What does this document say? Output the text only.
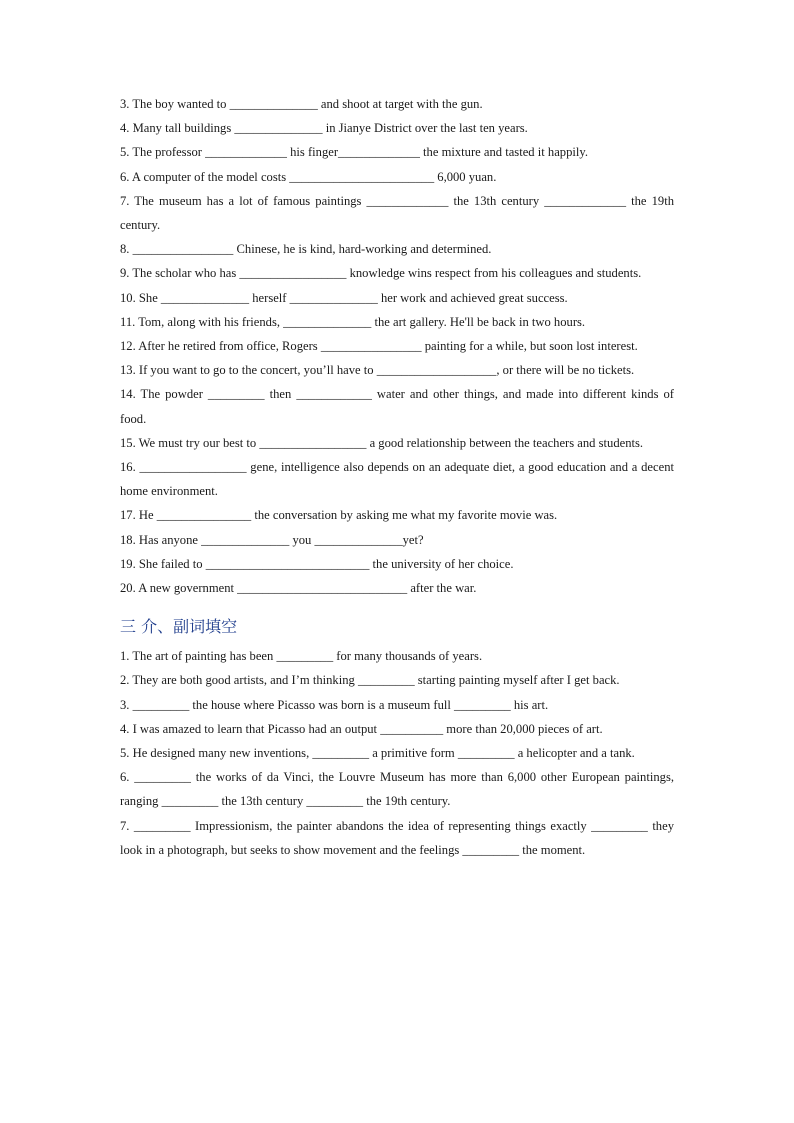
3. The boy wanted to ______________ and shoot at target with the gun.

4. Many tall buildings ______________ in Jianye District over the last ten years.

5. The professor _____________ his finger_____________ the mixture and tasted it happily.

6. A computer of the model costs _______________________ 6,000 yuan.

7. The museum has a lot of famous paintings _____________ the 13th century _____________ the 19th century.

8. ________________ Chinese, he is kind, hard-working and determined.

9. The scholar who has _________________ knowledge wins respect from his colleagues and students.

10. She ______________ herself ______________ her work and achieved great success.

11. Tom, along with his friends, ______________ the art gallery. He'll be back in two hours.

12. After he retired from office, Rogers ________________ painting for a while, but soon lost interest.

13. If you want to go to the concert, you’ll have to ___________________, or there will be no tickets.

14. The powder _________ then ____________ water and other things, and made into different kinds of food.

15. We must try our best to _________________ a good relationship between the teachers and students.

16. _________________ gene, intelligence also depends on an adequate diet, a good education and a decent home environment.

17. He _______________ the conversation by asking me what my favorite movie was.

18. Has anyone ______________ you ______________yet?

19. She failed to __________________________ the university of her choice.

20. A new government ___________________________ after the war.

三 介、副词填空

1. The art of painting has been _________ for many thousands of years.

2. They are both good artists, and I’m thinking _________ starting painting myself after I get back.

3. _________ the house where Picasso was born is a museum full _________ his art.

4. I was amazed to learn that Picasso had an output __________ more than 20,000 pieces of art.

5. He designed many new inventions, _________ a primitive form _________ a helicopter and a tank.

6. _________ the works of da Vinci, the Louvre Museum has more than 6,000 other European paintings, ranging _________ the 13th century _________ the 19th century.

7. _________ Impressionism, the painter abandons the idea of representing things exactly _________ they look in a photograph, but seeks to show movement and the feelings _________ the moment.
